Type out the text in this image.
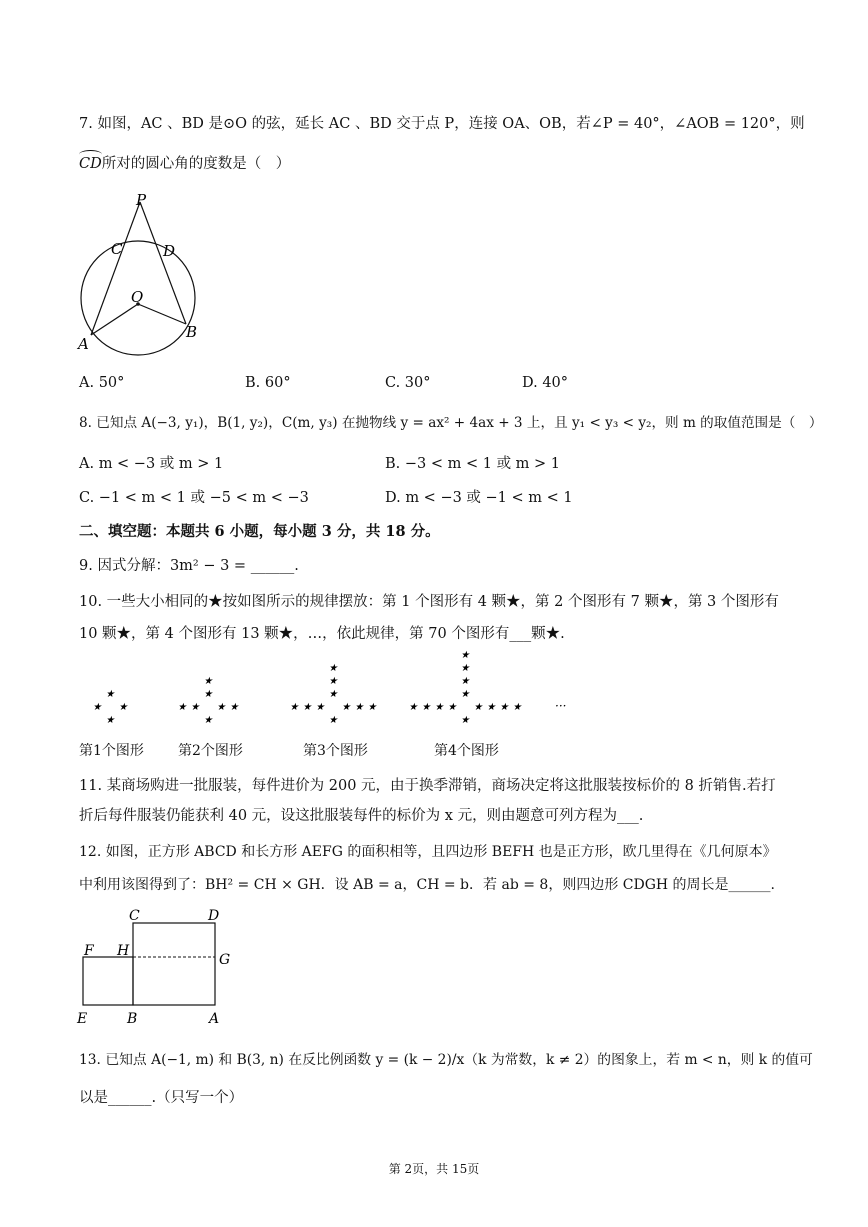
7. 如图，AC 、BD 是⊙O 的弦，延长 AC 、BD 交于点 P，连接 OA、OB，若∠P = 40°，∠AOB = 120°，则
CD所对的圆心角的度数是（　）
P
C	D
O
A
B
A. 50°	B. 60°	C. 30°	D. 40°
8. 已知点 A(−3, y₁)，B(1, y₂)，C(m, y₃) 在抛物线 y = ax² + 4ax + 3 上，且 y₁ < y₃ < y₂，则 m 的取值范围是（　）
A. m < −3 或 m > 1	B. −3 < m < 1 或 m > 1
C. −1 < m < 1 或 −5 < m < −3	D. m < −3 或 −1 < m < 1
二、填空题：本题共 6 小题，每小题 3 分，共 18 分。
9. 因式分解：3m² − 3 = ______.
10. 一些大小相同的★按如图所示的规律摆放：第 1 个图形有 4 颗★，第 2 个图形有 7 颗★，第 3 个图形有
10 颗★，第 4 个图形有 13 颗★，…，依此规律，第 70 个图形有___颗★.
★
★
★ ★
★
★
★
★
★	★ ★
★
★
★
★
★
★
★	★ ★ ★
★
★
★
★
★
★
★
★
★	★ ★ ★ ★	···
第1个图形 第2个图形	第3个图形	第4个图形
11. 某商场购进一批服装，每件进价为 200 元，由于换季滞销，商场决定将这批服装按标价的 8 折销售.若打
折后每件服装仍能获利 40 元，设这批服装每件的标价为 x 元，则由题意可列方程为___.
12. 如图，正方形 ABCD 和长方形 AEFG 的面积相等，且四边形 BEFH 也是正方形，欧几里得在《几何原本》
中利用该图得到了：BH² = CH × GH．设 AB = a，CH = b．若 ab = 8，则四边形 CDGH 的周长是______.
C	D
F H
G
E	B	A
13. 已知点 A(−1, m) 和 B(3, n) 在反比例函数 y = (k − 2)/x（k 为常数，k ≠ 2）的图象上，若 m < n，则 k 的值可
以是______.（只写一个）
第 2页，共 15页
